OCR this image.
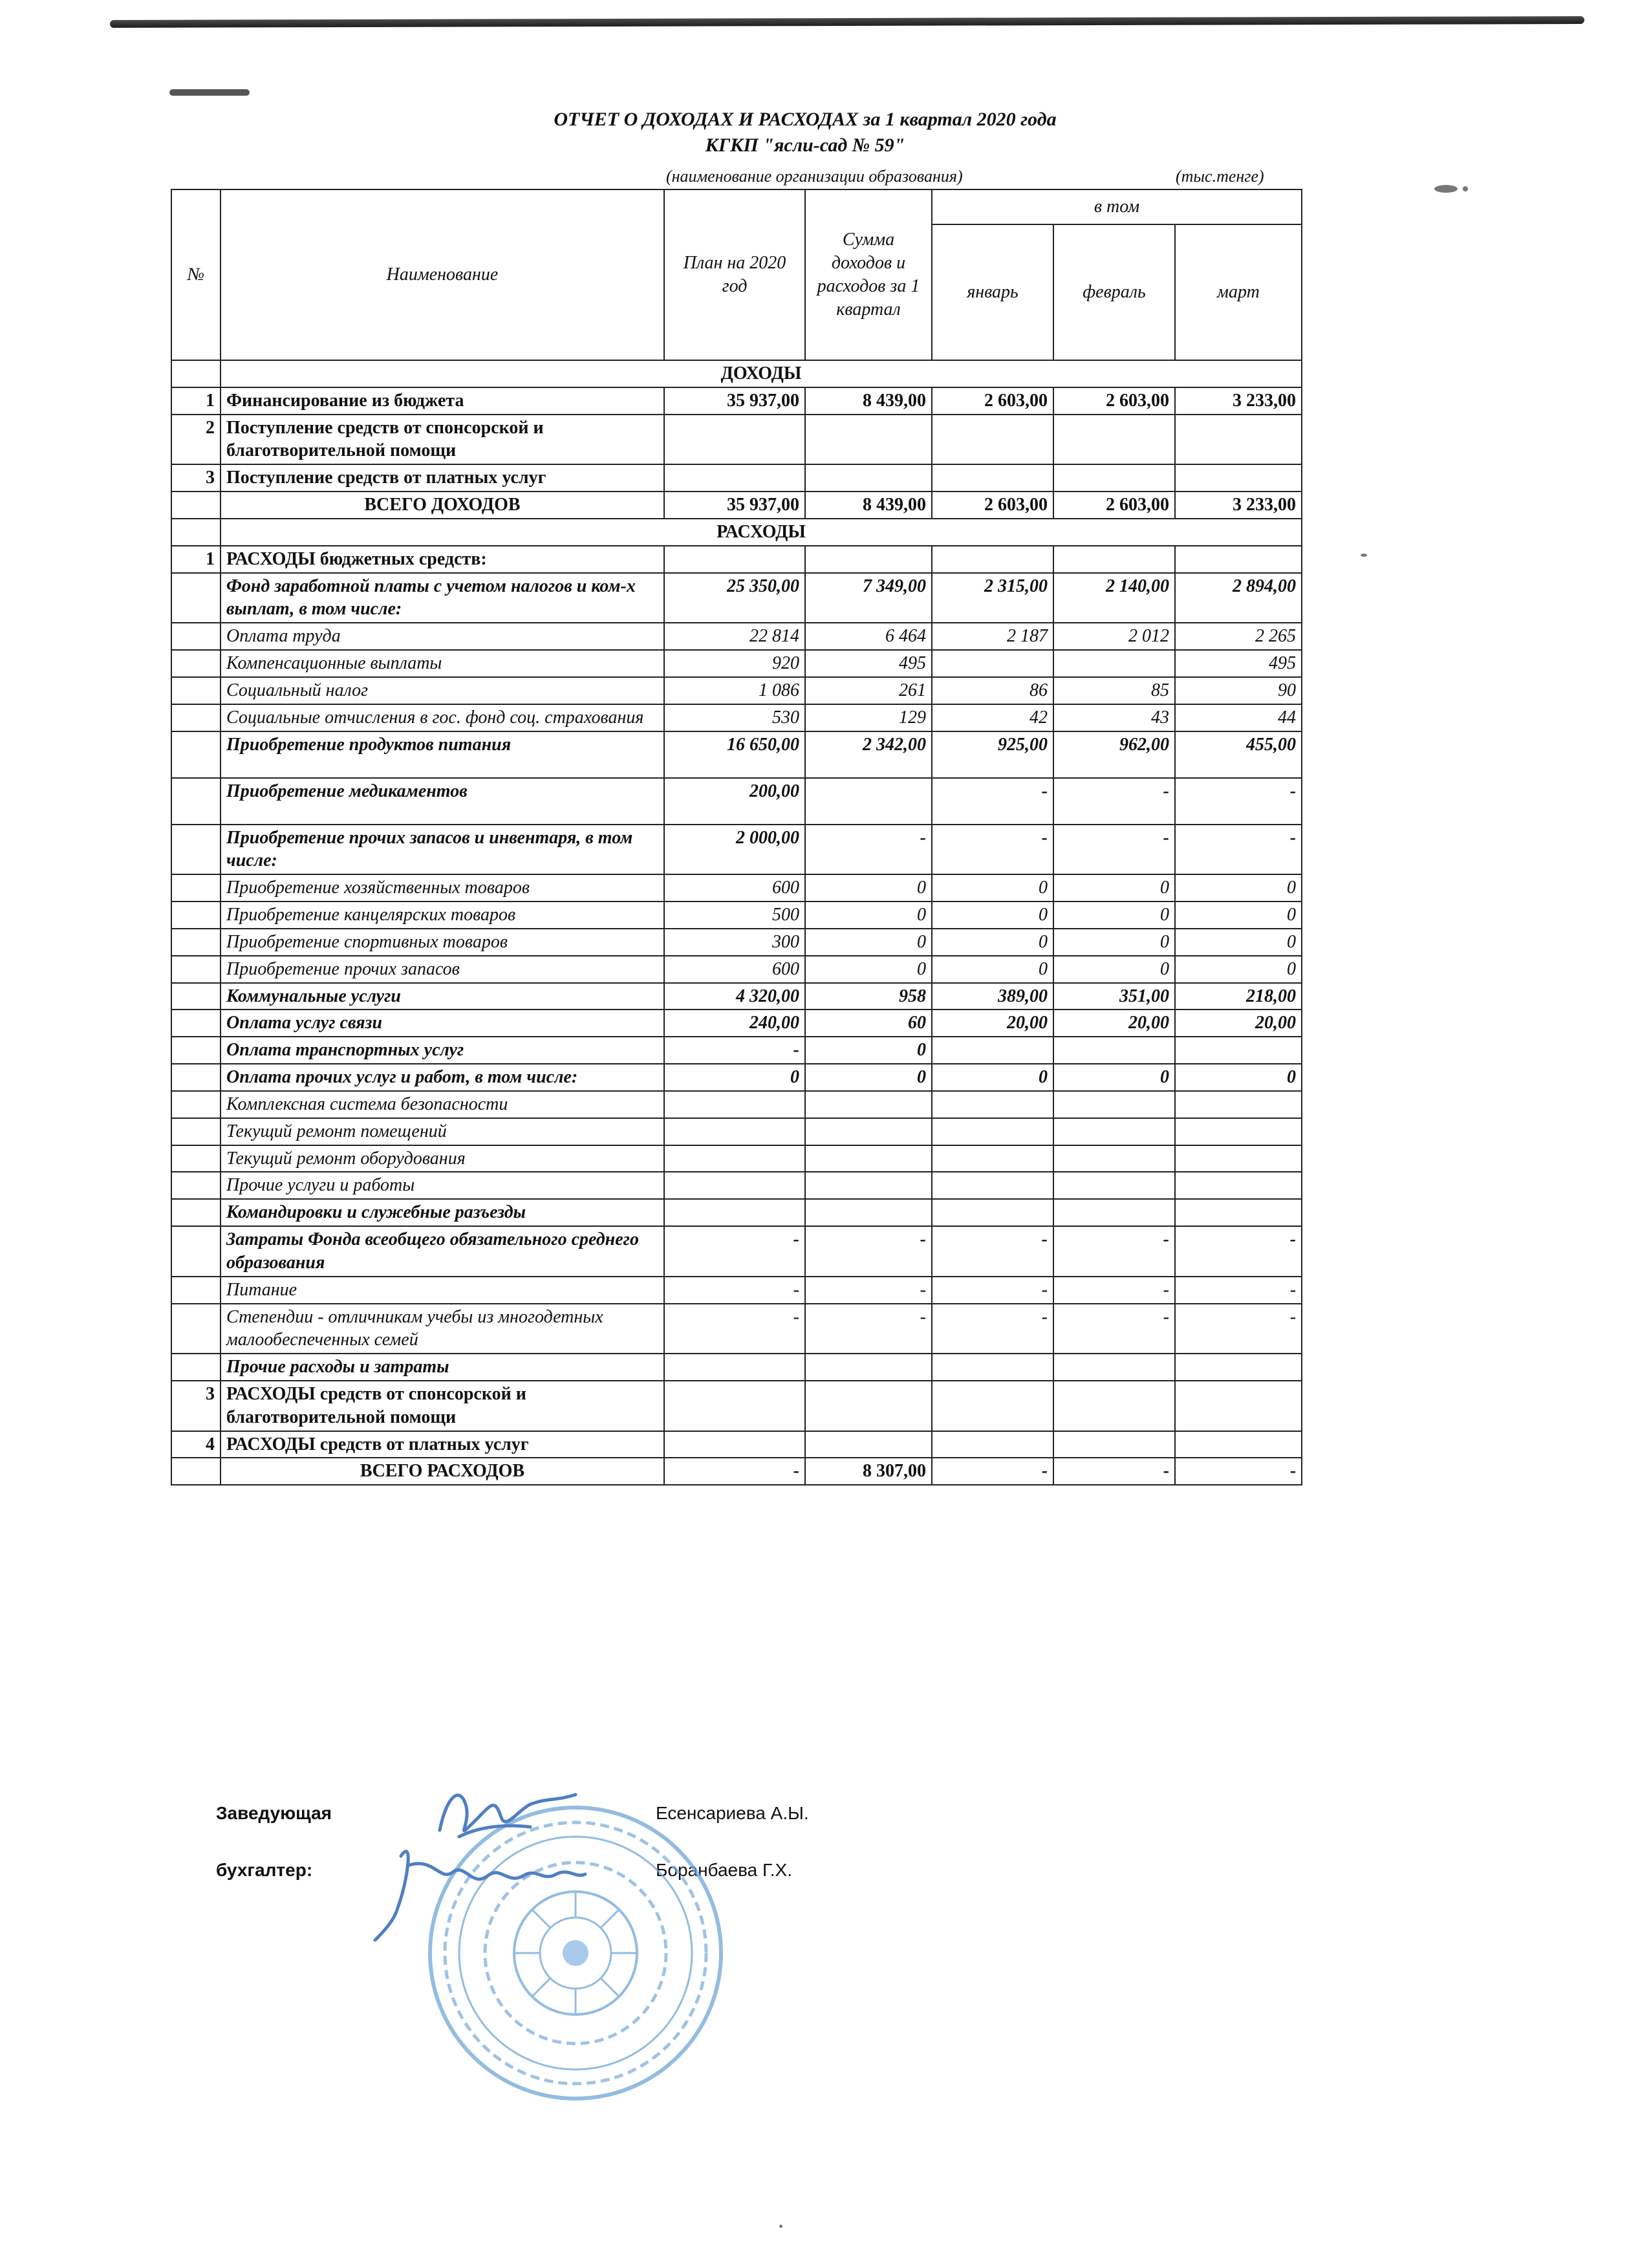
ОТЧЕТ О ДОХОДАХ И РАСХОДАХ за 1 квартал 2020 года
КГКП "ясли-сад № 59"
(наименование организации образования)	(тыс.тенге)
№	Наименование	План на 2020 год	Сумма доходов и расходов за 1 квартал	в том		
				январь	февраль	март
	ДОХОДЫ					
1	Финансирование из бюджета	35 937,00	8 439,00	2 603,00	2 603,00	3 233,00
2	Поступление средств от спонсорской и благотворительной помощи					
3	Поступление средств от платных услуг					
	ВСЕГО ДОХОДОВ	35 937,00	8 439,00	2 603,00	2 603,00	3 233,00
	РАСХОДЫ					
1	РАСХОДЫ бюджетных средств:					
	Фонд заработной платы с учетом налогов и ком-х выплат, в том числе:	25 350,00	7 349,00	2 315,00	2 140,00	2 894,00
	Оплата труда	22 814	6 464	2 187	2 012	2 265
	Компенсационные выплаты	920	495			495
	Социальный налог	1 086	261	86	85	90
	Социальные отчисления в гос. фонд соц. страхования	530	129	42	43	44
	Приобретение продуктов питания	16 650,00	2 342,00	925,00	962,00	455,00
	Приобретение медикаментов	200,00		-	-	-
	Приобретение прочих запасов и инвентаря, в том числе:	2 000,00	-	-	-	-
	Приобретение хозяйственных товаров	600	0	0	0	0
	Приобретение канцелярских товаров	500	0	0	0	0
	Приобретение спортивных товаров	300	0	0	0	0
	Приобретение прочих запасов	600	0	0	0	0
	Коммунальные услуги	4 320,00	958	389,00	351,00	218,00
	Оплата услуг связи	240,00	60	20,00	20,00	20,00
	Оплата транспортных услуг	-	0			
	Оплата прочих услуг и работ, в том числе:	0	0	0	0	0
	Комплексная система безопасности					
	Текущий ремонт помещений					
	Текущий ремонт оборудования					
	Прочие услуги и работы					
	Командировки и служебные разъезды					
	Затраты Фонда всеобщего обязательного среднего образования	-	-	-	-	-
	Питание	-	-	-	-	-
	Степендии - отличникам учебы из многодетных малообеспеченных семей	-	-	-	-	-
	Прочие расходы и затраты					
3	РАСХОДЫ средств от спонсорской и благотворительной помощи					
4	РАСХОДЫ средств от платных услуг					
	ВСЕГО РАСХОДОВ	-	8 307,00	-	-	-
Заведующая	Есенсариева А.Ы.
бухгалтер:	Боранбаева Г.Х.
